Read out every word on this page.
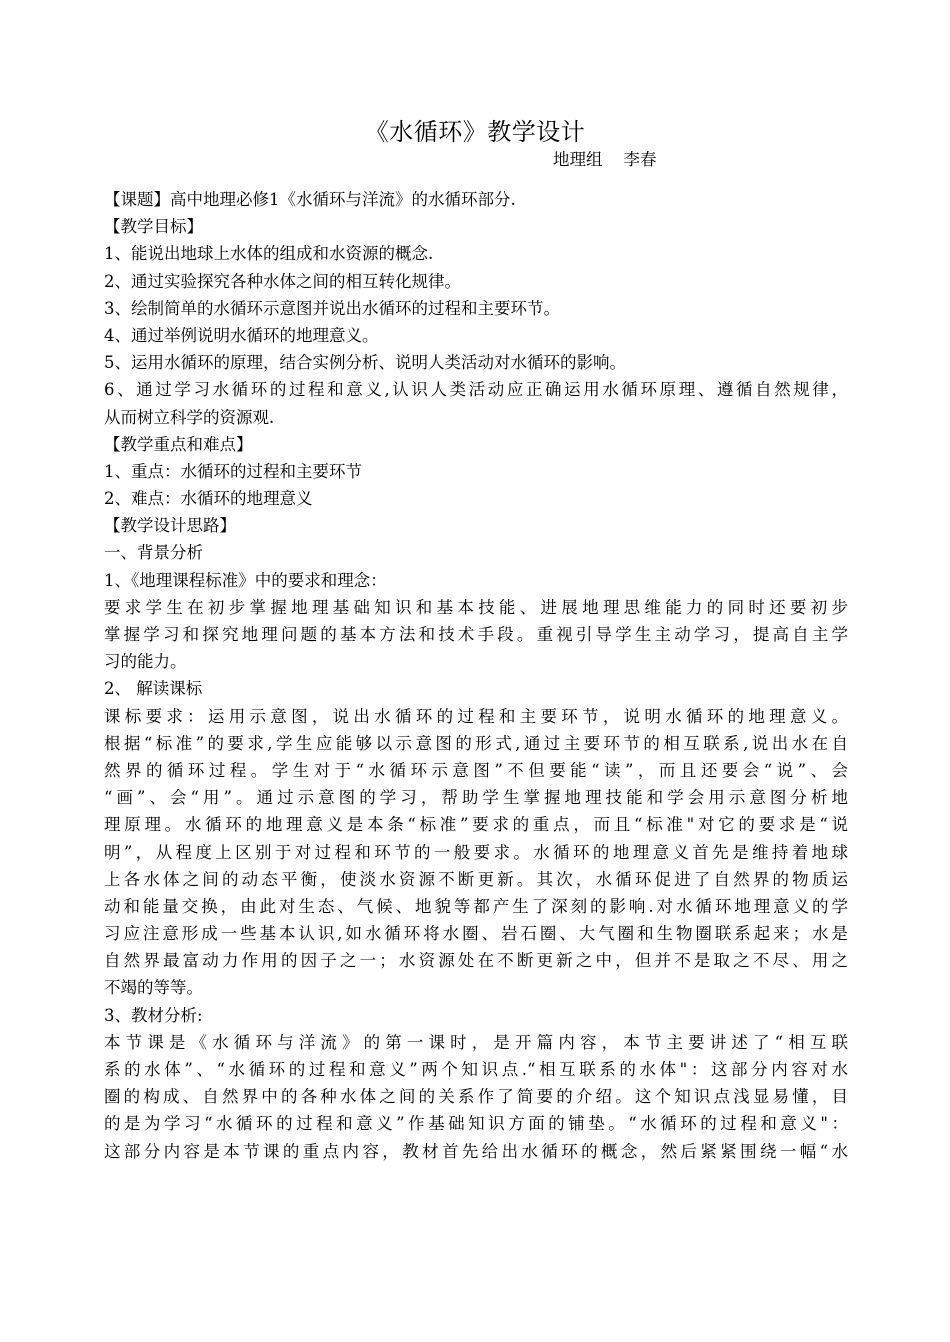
《水循环》教学设计
地理组    李春
【课题】高中地理必修1《水循环与洋流》的水循环部分.
【教学目标】
1、能说出地球上水体的组成和水资源的概念.
2、通过实验探究各种水体之间的相互转化规律。
3、绘制简单的水循环示意图并说出水循环的过程和主要环节。
4、通过举例说明水循环的地理意义。
5、运用水循环的原理，结合实例分析、说明人类活动对水循环的影响。
6、通过学习水循环的过程和意义,认识人类活动应正确运用水循环原理、遵循自然规律，
从而树立科学的资源观.
【教学重点和难点】
1、重点：水循环的过程和主要环节
2、难点：水循环的地理意义
【教学设计思路】
一、背景分析
1、《地理课程标准》中的要求和理念：
要求学生在初步掌握地理基础知识和基本技能、进展地理思维能力的同时还要初步
掌握学习和探究地理问题的基本方法和技术手段。重视引导学生主动学习，提高自主学
习的能力。
2、 解读课标
课标要求：运用示意图，说出水循环的过程和主要环节，说明水循环的地理意义。
根据“标准”的要求,学生应能够以示意图的形式,通过主要环节的相互联系,说出水在自
然界的循环过程。学生对于“水循环示意图”不但要能“读”，而且还要会“说”、会
“画”、会“用”。通过示意图的学习，帮助学生掌握地理技能和学会用示意图分析地
理原理。水循环的地理意义是本条“标准”要求的重点，而且“标准"对它的要求是“说
明”，从程度上区别于对过程和环节的一般要求。水循环的地理意义首先是维持着地球
上各水体之间的动态平衡，使淡水资源不断更新。其次，水循环促进了自然界的物质运
动和能量交换，由此对生态、气候、地貌等都产生了深刻的影响.对水循环地理意义的学
习应注意形成一些基本认识,如水循环将水圈、岩石圈、大气圈和生物圈联系起来；水是
自然界最富动力作用的因子之一；水资源处在不断更新之中，但并不是取之不尽、用之
不竭的等等。
3、教材分析:
本节课是《水循环与洋流》的第一课时，是开篇内容，本节主要讲述了“相互联
系的水体”、“水循环的过程和意义”两个知识点.“相互联系的水体"：这部分内容对水
圈的构成、自然界中的各种水体之间的关系作了简要的介绍。这个知识点浅显易懂，目
的是为学习“水循环的过程和意义”作基础知识方面的铺垫。“水循环的过程和意义"：
这部分内容是本节课的重点内容，教材首先给出水循环的概念，然后紧紧围绕一幅“水
